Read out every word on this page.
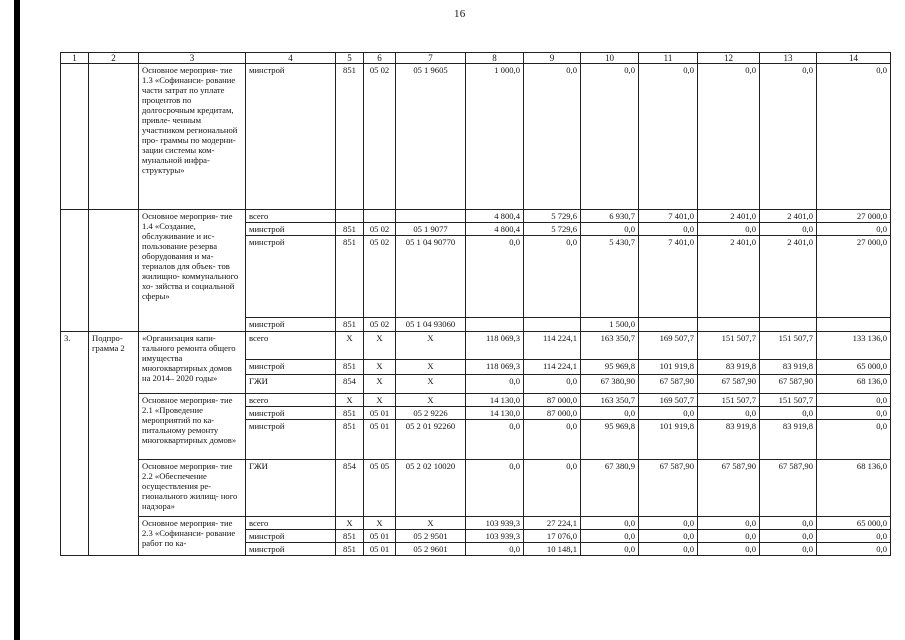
16
1	2	3	4	5	6	7	8	9	10	11	12	13	14
		Основное мероприя- тие 1.3 «Софинанси- рование части затрат по уплате процентов по долгосрочным кредитам, привле- ченным участником региональной про- граммы по модерни- зации системы ком- мунальной инфра- структуры»	минстрой	851	05 02	05 1 9605	1 000,0	0,0	0,0	0,0	0,0	0,0	0,0
		Основное мероприя- тие 1.4 «Создание, обслуживание и ис- пользование резерва оборудования и ма- териалов для объек- тов жилищно- коммунального хо- зяйства и социальной сферы»	всего				4 800,4	5 729,6	6 930,7	7 401,0	2 401,0	2 401,0	27 000,0
			минстрой	851	05 02	05 1 9077	4 800,4	5 729,6	0,0	0,0	0,0	0,0	0,0
			минстрой	851	05 02	05 1 04 90770	0,0	0,0	5 430,7	7 401,0	2 401,0	2 401,0	27 000,0
			минстрой	851	05 02	05 1 04 93060			1 500,0				
3.	Подпро- грамма 2	«Организация капи- тального ремонта общего имущества многоквартирных домов на 2014– 2020 годы»	всего	Х	Х	Х	118 069,3	114 224,1	163 350,7	169 507,7	151 507,7	151 507,7	133 136,0
			минстрой	851	Х	Х	118 069,3	114 224,1	95 969,8	101 919,8	83 919,8	83 919,8	65 000,0
			ГЖИ	854	Х	Х	0,0	0,0	67 380,90	67 587,90	67 587,90	67 587,90	68 136,0
		Основное мероприя- тие 2.1 «Проведение мероприятий по ка- питальному ремонту многоквартирных домов»	всего	Х	Х	Х	14 130,0	87 000,0	163 350,7	169 507,7	151 507,7	151 507,7	0,0
			минстрой	851	05 01	05 2 9226	14 130,0	87 000,0	0,0	0,0	0,0	0,0	0,0
			минстрой	851	05 01	05 2 01 92260	0,0	0,0	95 969,8	101 919,8	83 919,8	83 919,8	0,0
		Основное мероприя- тие 2.2 «Обеспечение осуществления ре- гионального жилищ- ного надзора»	ГЖИ	854	05 05	05 2 02 10020	0,0	0,0	67 380,9	67 587,90	67 587,90	67 587,90	68 136,0
		Основное мероприя- тие 2.3 «Софинанси- рование работ по ка-	всего	Х	Х	Х	103 939,3	27 224,1	0,0	0,0	0,0	0,0	65 000,0
			минстрой	851	05 01	05 2 9501	103 939,3	17 076,0	0,0	0,0	0,0	0,0	0,0
			минстрой	851	05 01	05 2 9601	0,0	10 148,1	0,0	0,0	0,0	0,0	0,0
